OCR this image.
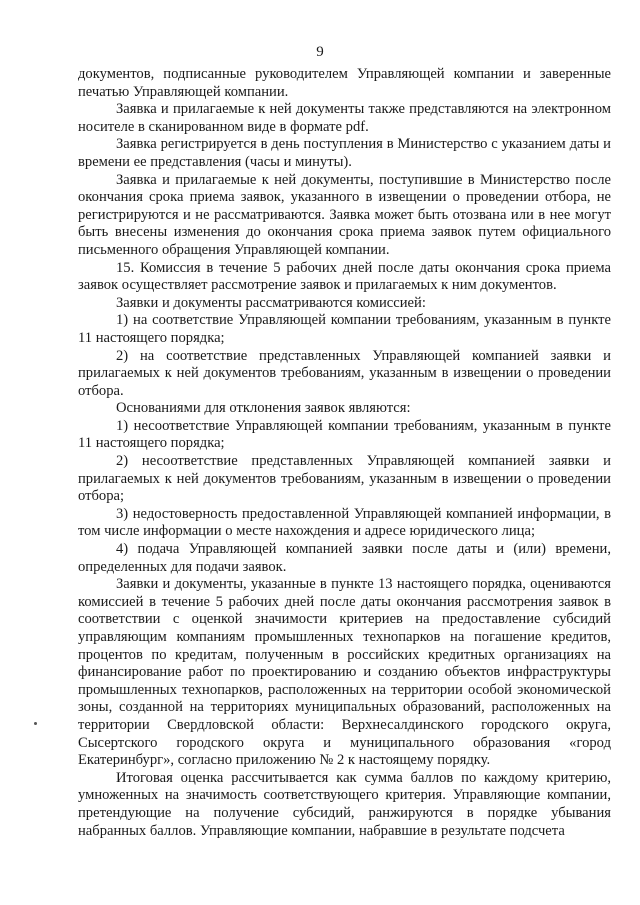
9

документов, подписанные руководителем Управляющей компании и заверенные печатью Управляющей компании.

Заявка и прилагаемые к ней документы также представляются на электронном носителе в сканированном виде в формате pdf.

Заявка регистрируется в день поступления в Министерство с указанием даты и времени ее представления (часы и минуты).

Заявка и прилагаемые к ней документы, поступившие в Министерство после окончания срока приема заявок, указанного в извещении о проведении отбора, не регистрируются и не рассматриваются. Заявка может быть отозвана или в нее могут быть внесены изменения до окончания срока приема заявок путем официального письменного обращения Управляющей компании.

15. Комиссия в течение 5 рабочих дней после даты окончания срока приема заявок осуществляет рассмотрение заявок и прилагаемых к ним документов.

Заявки и документы рассматриваются комиссией:

1) на соответствие Управляющей компании требованиям, указанным в пункте 11 настоящего порядка;

2) на соответствие представленных Управляющей компанией заявки и прилагаемых к ней документов требованиям, указанным в извещении о проведении отбора.

Основаниями для отклонения заявок являются:

1) несоответствие Управляющей компании требованиям, указанным в пункте 11 настоящего порядка;

2) несоответствие представленных Управляющей компанией заявки и прилагаемых к ней документов требованиям, указанным в извещении о проведении отбора;

3) недостоверность предоставленной Управляющей компанией информации, в том числе информации о месте нахождения и адресе юридического лица;

4) подача Управляющей компанией заявки после даты и (или) времени, определенных для подачи заявок.

Заявки и документы, указанные в пункте 13 настоящего порядка, оцениваются комиссией в течение 5 рабочих дней после даты окончания рассмотрения заявок в соответствии с оценкой значимости критериев на предоставление субсидий управляющим компаниям промышленных технопарков на погашение кредитов, процентов по кредитам, полученным в российских кредитных организациях на финансирование работ по проектированию и созданию объектов инфраструктуры промышленных технопарков, расположенных на территории особой экономической зоны, созданной на территориях муниципальных образований, расположенных на территории Свердловской области: Верхнесалдинского городского округа, Сысертского городского округа и муниципального образования «город Екатеринбург», согласно приложению № 2 к настоящему порядку.

Итоговая оценка рассчитывается как сумма баллов по каждому критерию, умноженных на значимость соответствующего критерия. Управляющие компании, претендующие на получение субсидий, ранжируются в порядке убывания набранных баллов. Управляющие компании, набравшие в результате подсчета
